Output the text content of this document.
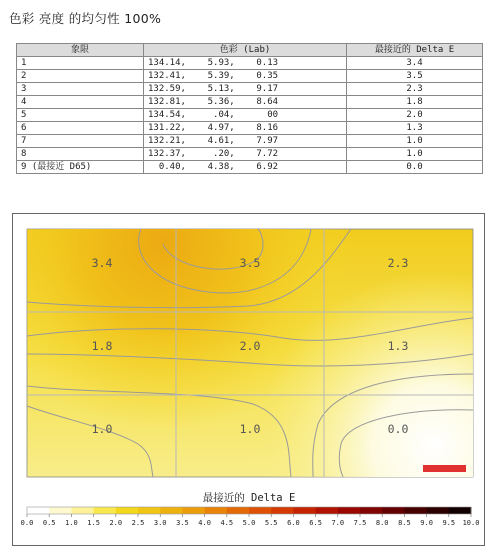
色彩 亮度 的均匀性 100%
象限	色彩 (Lab)	最接近的 Delta E
1	134.14,    5.93,    0.13	3.4
2	132.41,    5.39,    0.35	3.5
3	132.59,    5.13,    9.17	2.3
4	132.81,    5.36,    8.64	1.8
5	134.54,     .04,      00	2.0
6	131.22,    4.97,    8.16	1.3
7	132.21,    4.61,    7.97	1.0
8	132.37,     .20,    7.72	1.0
9 (最接近 D65)	0.40,    4.38,    6.92	0.0
3.4	3.5	2.3
1.8	2.0	1.3
1.0	1.0	0.0
最接近的 Delta E
0.0 0.5 1.0 1.5 2.0 2.5 3.0 3.5 4.0 4.5 5.0 5.5 6.0 6.5 7.0 7.5 8.0 8.5 9.0 9.5 10.0
